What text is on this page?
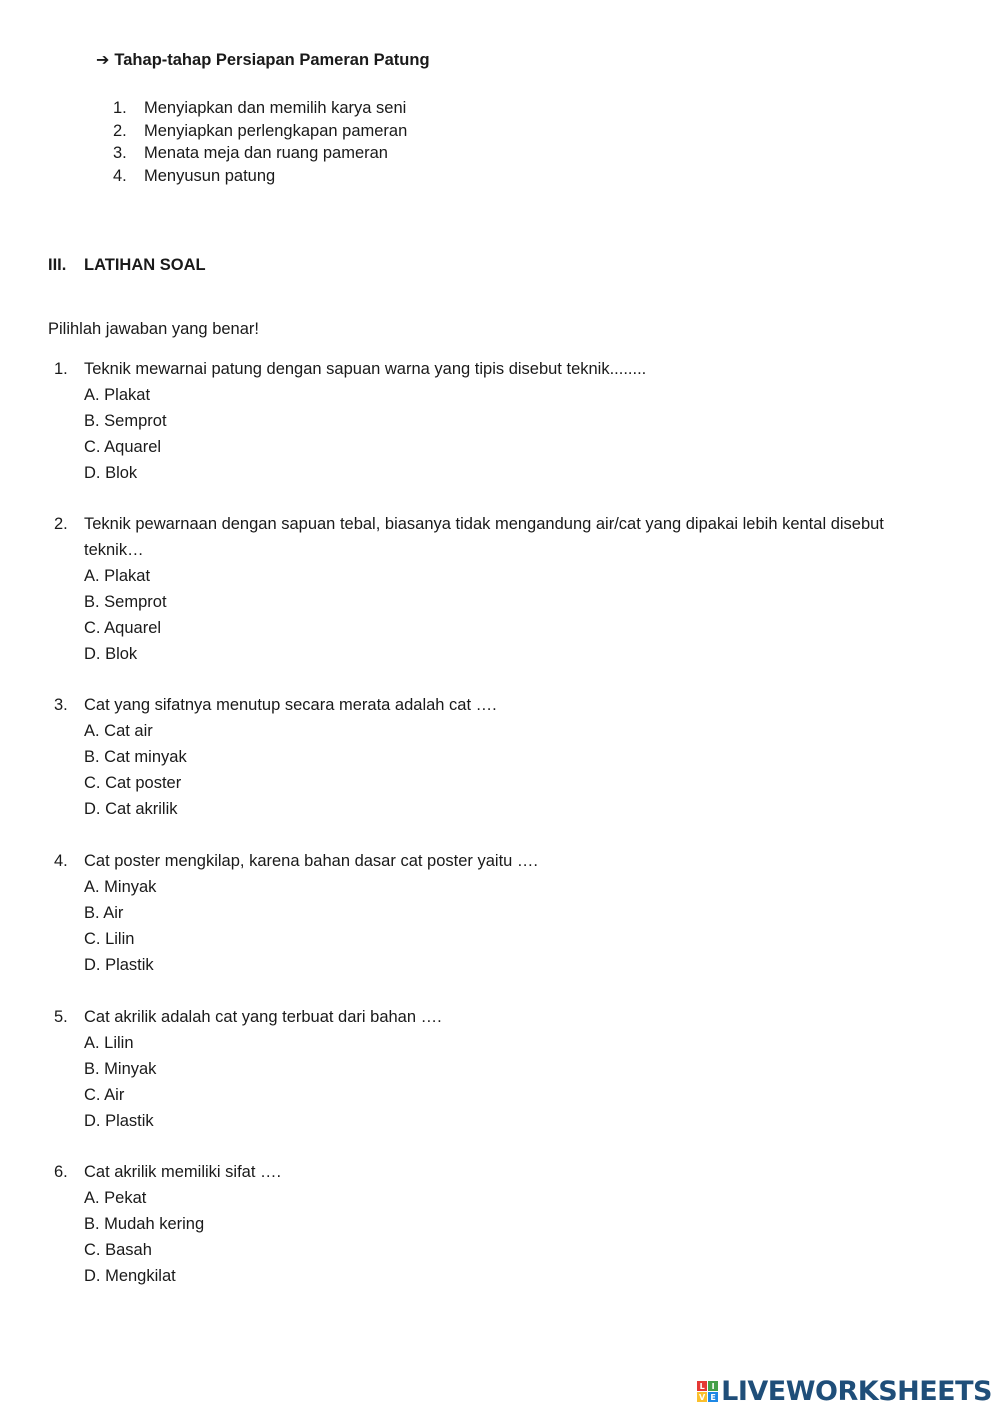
➔ Tahap-tahap Persiapan Pameran Patung
1.	Menyiapkan dan memilih karya seni
2.	Menyiapkan perlengkapan pameran
3.	Menata meja dan ruang pameran
4.	Menyusun patung
III.	LATIHAN SOAL
Pilihlah jawaban yang benar!
1. Teknik mewarnai patung dengan sapuan warna yang tipis disebut teknik........
A. Plakat
B. Semprot
C. Aquarel
D. Blok
2. Teknik pewarnaan dengan sapuan tebal, biasanya tidak mengandung air/cat yang dipakai lebih kental disebut teknik…
A. Plakat
B. Semprot
C. Aquarel
D. Blok
3. Cat yang sifatnya menutup secara merata adalah cat ….
A. Cat air
B. Cat minyak
C. Cat poster
D. Cat akrilik
4. Cat poster mengkilap, karena bahan dasar cat poster yaitu ….
A. Minyak
B. Air
C. Lilin
D. Plastik
5. Cat akrilik adalah cat yang terbuat dari bahan ….
A. Lilin
B. Minyak
C. Air
D. Plastik
6. Cat akrilik memiliki sifat ….
A. Pekat
B. Mudah kering
C. Basah
D. Mengkilat
L I
V E LIVEWORKSHEETS
